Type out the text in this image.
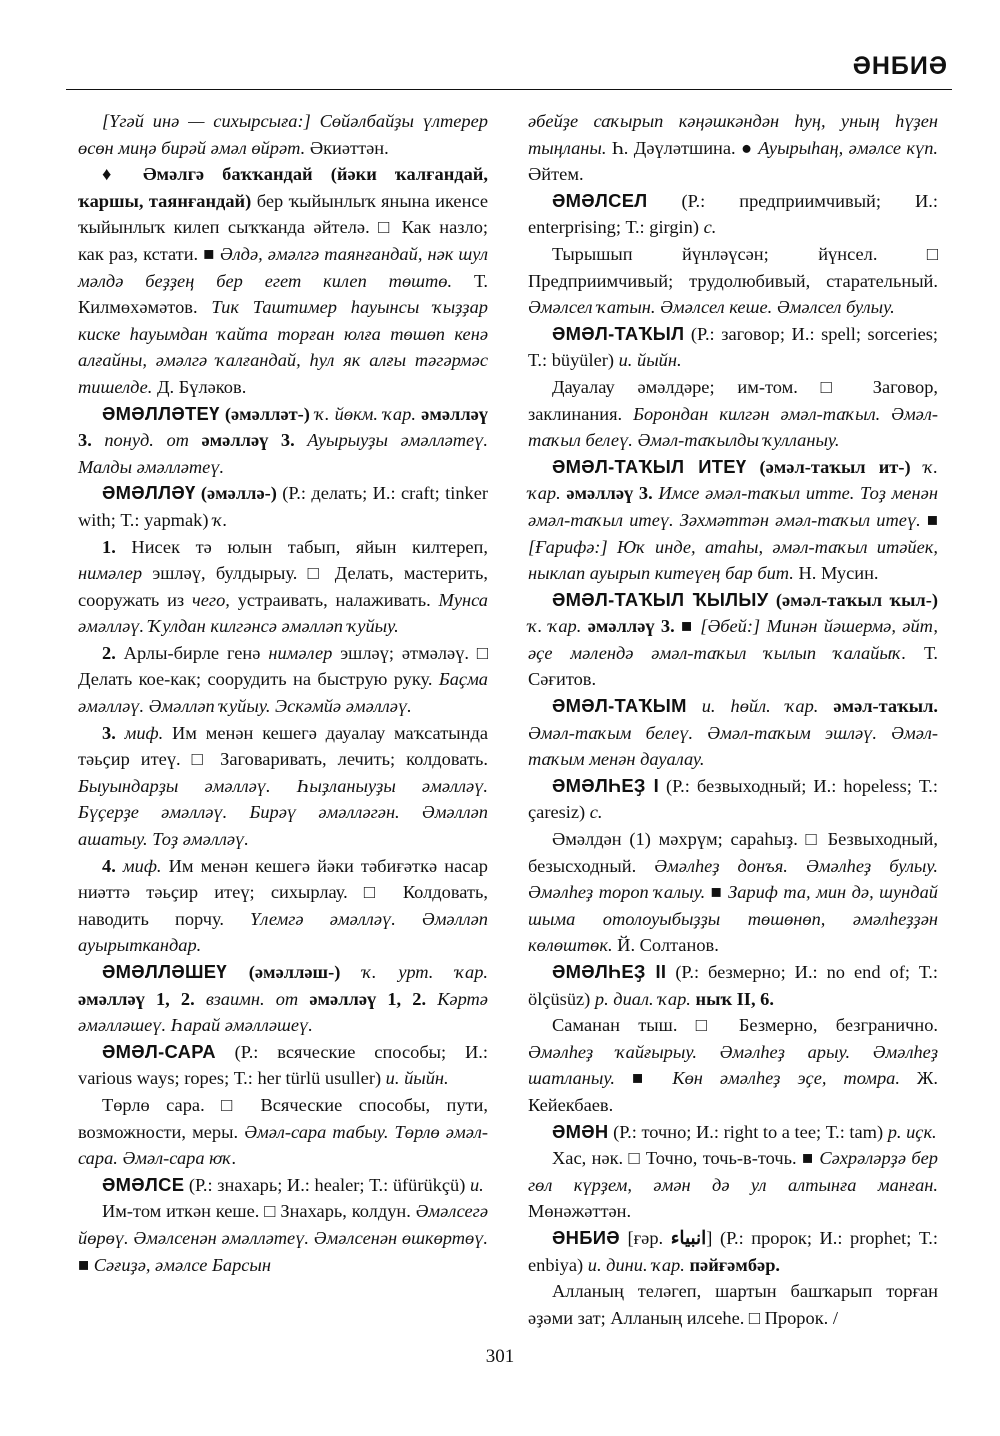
ӘНБИӘ

[Үгәй инә — сихырсыға:] Сөйәлбайҙы үлтерер өсөн миңә бирәй әмәл өйрәт. Әкиәттән.

♦ Әмәлгә баҡҡандай (йәки ҡалғандай, ҡаршы, таянғандай) бер ҡыйынлыҡ янына икенсе ҡыйынлыҡ килеп сыҡҡанда әйтелә. □ Как назло; как раз, кстати. ■ Әлдә, әмәлгә таянғандай, нәк шул мәлдә беҙҙең бер егет килеп төштө. Т. Килмөхәмәтов. Тик Таштимер һауынсы ҡыҙҙар киске һауымдан ҡайта торған юлға төшөп кенә алғайны, әмәлгә ҡалғандай, һул як алғы тәгәрмәс тишелде. Д. Бүләков.

ӘМӘЛЛӘТЕҮ (әмәлләт-) ҡ. йөкм. ҡар. әмәлләү 3. понуд. от әмәлләү 3. Ауырыуҙы әмәлләтеү. Малды әмәлләтеү.

ӘМӘЛЛӘҮ (әмәллә-) (Р.: делать; И.: craft; tinker with; Т.: yapmak) ҡ.

1. Нисек тә юлын табып, яйын килтереп, нимәлер эшләү, булдырыу. □ Делать, мастерить, сооружать из чего, устраивать, налаживать. Мунса әмәлләү. Ҡулдан килгәнсә әмәлләп ҡуйыу.

2. Арлы-бирле генә нимәлер эшләү; әтмәләү. □ Делать кое-как; соорудить на быструю руку. Баҫма әмәлләү. Әмәлләп ҡуйыу. Эскәмйә әмәлләү.

3. миф. Им менән кешегә дауалау маҡсатында тәьҫир итеү. □ Заговаривать, лечить; колдовать. Быуындарҙы әмәлләү. Һыҙланыуҙы әмәлләү. Бүҫерҙе әмәлләү. Бирәү әмәлләгән. Әмәлләп ашатыу. Тоҙ әмәлләү.

4. миф. Им менән кешегә йәки тәбиғәткә насар ниәттә тәьҫир итеү; сихырлау. □ Колдовать, наводить порчу. Үлемгә әмәлләү. Әмәлләп ауырыткандар.

ӘМӘЛЛӘШЕҮ (әмәлләш-) ҡ. урт. ҡар. әмәлләү 1, 2. взаимн. от әмәлләү 1, 2. Кәртә әмәлләшеү. Һарай әмәлләшеү.

ӘМӘЛ-САРА (Р.: всяческие способы; И.: various ways; ropes; Т.: her türlü usuller) и. йыйн.

Төрлө сара. □ Всяческие способы, пути, возможности, меры. Әмәл-сара табыу. Төрлө әмәл-сара. Әмәл-сара юҡ.

ӘМӘЛСЕ (Р.: знахарь; И.: healer; Т.: üfürükçü) и.

Им-том иткән кеше. □ Знахарь, колдун. Әмәлсегә йөрөү. Әмәлсенән әмәлләтеү. Әмәлсенән өшкөртөү. ■ Сәғиҙә, әмәлсе Барсын

әбейҙе саҡырып кәңәшкәндән һуң, уның һүҙен тыңланы. Һ. Дәүләтшина. ● Ауырыһаң, әмәлсе күп. Әйтем.

ӘМӘЛСЕЛ (Р.: предприимчивый; И.: enterprising; Т.: girgin) с.

Тырышып йүнләүсән; йүнсел. □ Предприимчивый; трудолюбивый, старательный. Әмәлсел ҡатын. Әмәлсел кеше. Әмәлсел булыу.

ӘМӘЛ-ТАҠЫЛ (Р.: заговор; И.: spell; sorceries; Т.: büyüler) и. йыйн.

Дауалау әмәлдәре; им-том. □ Заговор, заклинания. Борондан килгән әмәл-таҡыл. Әмәл-таҡыл белеү. Әмәл-таҡылды ҡулланыу.

ӘМӘЛ-ТАҠЫЛ ИТЕҮ (әмәл-таҡыл ит-) ҡ. ҡар. әмәлләү 3. Имсе әмәл-таҡыл итте. Тоҙ менән әмәл-таҡыл итеү. Зәхмәттән әмәл-таҡыл итеү. ■ [Ғарифә:] Юҡ инде, атаһы, әмәл-таҡыл итәйек, ныклап ауырып китеүең бар бит. Н. Мусин.

ӘМӘЛ-ТАҠЫЛ ҠЫЛЫУ (әмәл-таҡыл ҡыл-) ҡ. ҡар. әмәлләү 3. ■ [Әбей:] Минән йәшермә, әйт, әҫе мәлендә әмәл-таҡыл ҡылып ҡалайыҡ. Т. Сәғитов.

ӘМӘЛ-ТАҠЫМ и. һөйл. ҡар. әмәл-таҡыл. Әмәл-таҡым белеү. Әмәл-таҡым эшләү. Әмәл-таҡым менән дауалау.

ӘМӘЛҺЕҘ I (Р.: безвыходный; И.: hopeless; Т.: çaresiz) с.

Әмәлдән (1) мәхрүм; сараһыҙ. □ Безвыходный, безысходный. Әмәлһеҙ донъя. Әмәлһеҙ булыу. Әмәлһеҙ тороп ҡалыу. ■ Зариф та, мин дә, шундай шыма отолоуыбыҙҙы төшөнөп, әмәлһеҙҙән көлөштөк. Й. Солтанов.

ӘМӘЛҺЕҘ II (Р.: безмерно; И.: no end of; Т.: ölçüsüz) р. диал. ҡар. ныҡ II, 6.

Саманан тыш. □ Безмерно, безгранично. Әмәлһеҙ ҡайғырыу. Әмәлһеҙ арыу. Әмәлһеҙ шатланыу. ■ Көн әмәлһеҙ эҫе, томра. Ж. Кейекбаев.

ӘМӘН (Р.: точно; И.: right to a tee; Т.: tam) р. иҫк.

Хас, нәк. □ Точно, точь-в-точь. ■ Сәхрәләрҙә бер гөл күрҙем, әмән дә ул алтынға манған. Мөнәжәттән.

ӘНБИӘ [ғәр. انبياء] (Р.: пророк; И.: prophet; Т.: enbiya) и. дини. ҡар. пәйғәмбәр.

Алланың теләгеп, шартын башҡарып торған әҙәми зат; Алланың илсеһе. □ Пророк. /

301
